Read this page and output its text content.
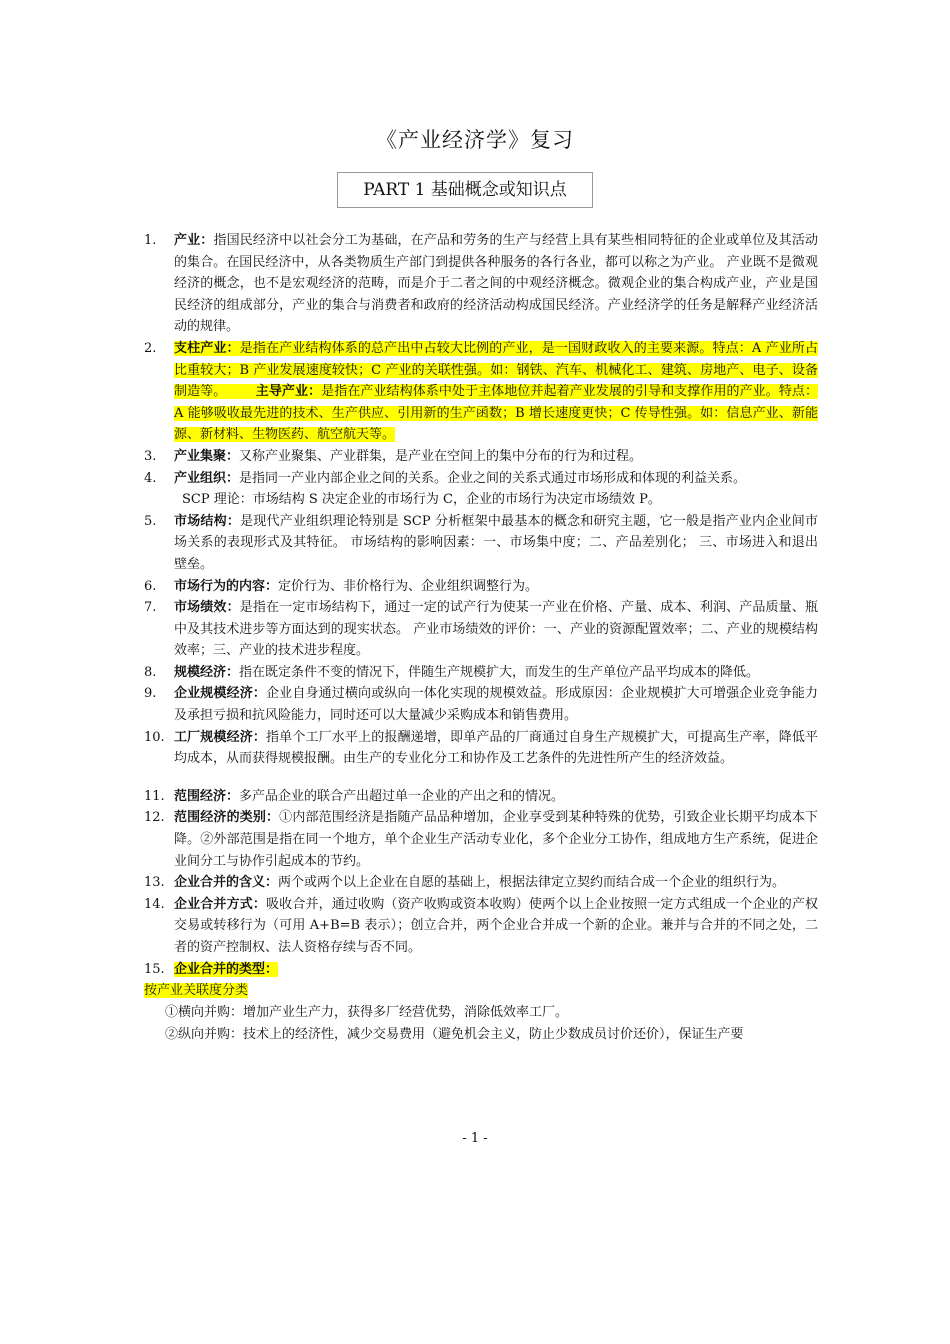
《产业经济学》复习
PART 1 基础概念或知识点
1. 产业：指国民经济中以社会分工为基础，在产品和劳务的生产与经营上具有某些相同特征的企业或单位及其活动的集合。在国民经济中，从各类物质生产部门到提供各种服务的各行各业，都可以称之为产业。 产业既不是微观经济的概念，也不是宏观经济的范畴，而是介于二者之间的中观经济概念。微观企业的集合构成产业，产业是国民经济的组成部分，产业的集合与消费者和政府的经济活动构成国民经济。产业经济学的任务是解释产业经济活动的规律。
2. 支柱产业：是指在产业结构体系的总产出中占较大比例的产业，是一国财政收入的主要来源。特点：A 产业所占比重较大；B 产业发展速度较快；C 产业的关联性强。如：钢铁、汽车、机械化工、建筑、房地产、电子、设备制造等。 主导产业：是指在产业结构体系中处于主体地位并起着产业发展的引导和支撑作用的产业。特点：A 能够吸收最先进的技术、生产供应、引用新的生产函数；B 增长速度更快；C 传导性强。如：信息产业、新能源、新材料、生物医药、航空航天等。
3. 产业集聚：又称产业聚集、产业群集，是产业在空间上的集中分布的行为和过程。
4. 产业组织：是指同一产业内部企业之间的关系。企业之间的关系式通过市场形成和体现的利益关系。
SCP 理论：市场结构 S 决定企业的市场行为 C，企业的市场行为决定市场绩效 P。
5. 市场结构：是现代产业组织理论特别是 SCP 分析框架中最基本的概念和研究主题，它一般是指产业内企业间市场关系的表现形式及其特征。 市场结构的影响因素：一、市场集中度；二、产品差别化； 三、市场进入和退出壁垒。
6. 市场行为的内容：定价行为、非价格行为、企业组织调整行为。
7. 市场绩效：是指在一定市场结构下，通过一定的试产行为使某一产业在价格、产量、成本、利润、产品质量、瓶中及其技术进步等方面达到的现实状态。 产业市场绩效的评价：一、产业的资源配置效率；二、产业的规模结构效率；三、产业的技术进步程度。
8. 规模经济：指在既定条件不变的情况下，伴随生产规模扩大，而发生的生产单位产品平均成本的降低。
9. 企业规模经济：企业自身通过横向或纵向一体化实现的规模效益。形成原因：企业规模扩大可增强企业竞争能力及承担亏损和抗风险能力，同时还可以大量减少采购成本和销售费用。
10. 工厂规模经济：指单个工厂水平上的报酬递增，即单产品的厂商通过自身生产规模扩大，可提高生产率，降低平均成本，从而获得规模报酬。由生产的专业化分工和协作及工艺条件的先进性所产生的经济效益。
11. 范围经济：多产品企业的联合产出超过单一企业的产出之和的情况。
12. 范围经济的类别：①内部范围经济是指随产品品种增加，企业享受到某种特殊的优势，引致企业长期平均成本下降。②外部范围是指在同一个地方，单个企业生产活动专业化，多个企业分工协作，组成地方生产系统，促进企业间分工与协作引起成本的节约。
13. 企业合并的含义：两个或两个以上企业在自愿的基础上，根据法律定立契约而结合成一个企业的组织行为。
14. 企业合并方式：吸收合并，通过收购（资产收购或资本收购）使两个以上企业按照一定方式组成一个企业的产权交易或转移行为（可用 A+B=B 表示）；创立合并，两个企业合并成一个新的企业。兼并与合并的不同之处，二者的资产控制权、法人资格存续与否不同。
15. 企业合并的类型：
按产业关联度分类
①横向并购：增加产业生产力，获得多厂经营优势，消除低效率工厂。
②纵向并购：技术上的经济性，减少交易费用（避免机会主义，防止少数成员讨价还价），保证生产要
- 1 -
